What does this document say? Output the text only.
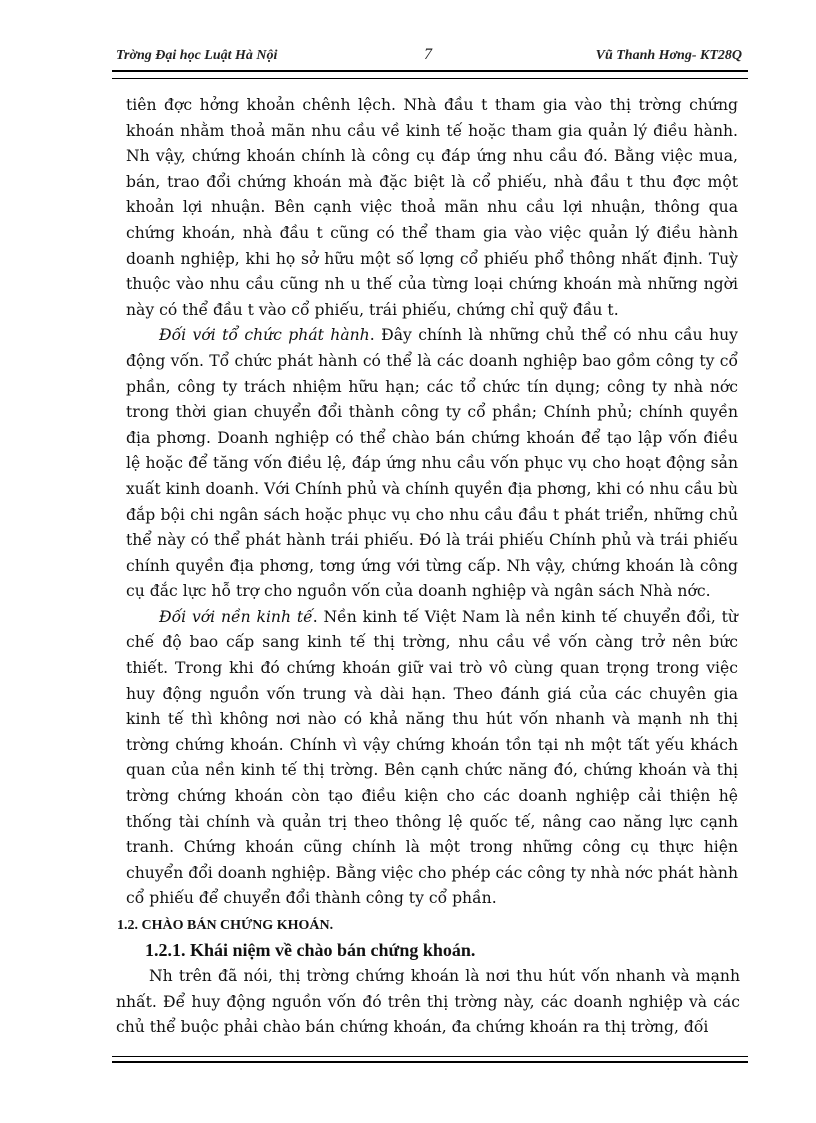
Trờng Đại học Luật Hà Nội	7	Vũ Thanh Hơng- KT28Q

tiên đợc hởng khoản chênh lệch. Nhà đầu t tham gia vào thị trờng chứng khoán nhằm thoả mãn nhu cầu về kinh tế hoặc tham gia quản lý điều hành. Nh vậy, chứng khoán chính là công cụ đáp ứng nhu cầu đó. Bằng việc mua, bán, trao đổi chứng khoán mà đặc biệt là cổ phiếu, nhà đầu t thu đợc một khoản lợi nhuận. Bên cạnh việc thoả mãn nhu cầu lợi nhuận, thông qua chứng khoán, nhà đầu t cũng có thể tham gia vào việc quản lý điều hành doanh nghiệp, khi họ sở hữu một số lợng cổ phiếu phổ thông nhất định. Tuỳ thuộc vào nhu cầu cũng nh u thế của từng loại chứng khoán mà những ngời này có thể đầu t vào cổ phiếu, trái phiếu, chứng chỉ quỹ đầu t.

Đối với tổ chức phát hành. Đây chính là những chủ thể có nhu cầu huy động vốn. Tổ chức phát hành có thể là các doanh nghiệp bao gồm công ty cổ phần, công ty trách nhiệm hữu hạn; các tổ chức tín dụng; công ty nhà nớc trong thời gian chuyển đổi thành công ty cổ phần; Chính phủ; chính quyền địa phơng. Doanh nghiệp có thể chào bán chứng khoán để tạo lập vốn điều lệ hoặc để tăng vốn điều lệ, đáp ứng nhu cầu vốn phục vụ cho hoạt động sản xuất kinh doanh. Với Chính phủ và chính quyền địa phơng, khi có nhu cầu bù đắp bội chi ngân sách hoặc phục vụ cho nhu cầu đầu t phát triển, những chủ thể này có thể phát hành trái phiếu. Đó là trái phiếu Chính phủ và trái phiếu chính quyền địa phơng, tơng ứng với từng cấp. Nh vậy, chứng khoán là công cụ đắc lực hỗ trợ cho nguồn vốn của doanh nghiệp và ngân sách Nhà nớc.

Đối với nền kinh tế. Nền kinh tế Việt Nam là nền kinh tế chuyển đổi, từ chế độ bao cấp sang kinh tế thị trờng, nhu cầu về vốn càng trở nên bức thiết. Trong khi đó chứng khoán giữ vai trò vô cùng quan trọng trong việc huy động nguồn vốn trung và dài hạn. Theo đánh giá của các chuyên gia kinh tế thì không nơi nào có khả năng thu hút vốn nhanh và mạnh nh thị trờng chứng khoán. Chính vì vậy chứng khoán tồn tại nh một tất yếu khách quan của nền kinh tế thị trờng. Bên cạnh chức năng đó, chứng khoán và thị trờng chứng khoán còn tạo điều kiện cho các doanh nghiệp cải thiện hệ thống tài chính và quản trị theo thông lệ quốc tế, nâng cao năng lực cạnh tranh. Chứng khoán cũng chính là một trong những công cụ thực hiện chuyển đổi doanh nghiệp. Bằng việc cho phép các công ty nhà nớc phát hành cổ phiếu để chuyển đổi thành công ty cổ phần.

1.2. CHÀO BÁN CHỨNG KHOÁN.

1.2.1. Khái niệm về chào bán chứng khoán.

Nh trên đã nói, thị trờng chứng khoán là nơi thu hút vốn nhanh và mạnh nhất. Để huy động nguồn vốn đó trên thị trờng này, các doanh nghiệp và các chủ thể buộc phải chào bán chứng khoán, đa chứng khoán ra thị trờng, đối
